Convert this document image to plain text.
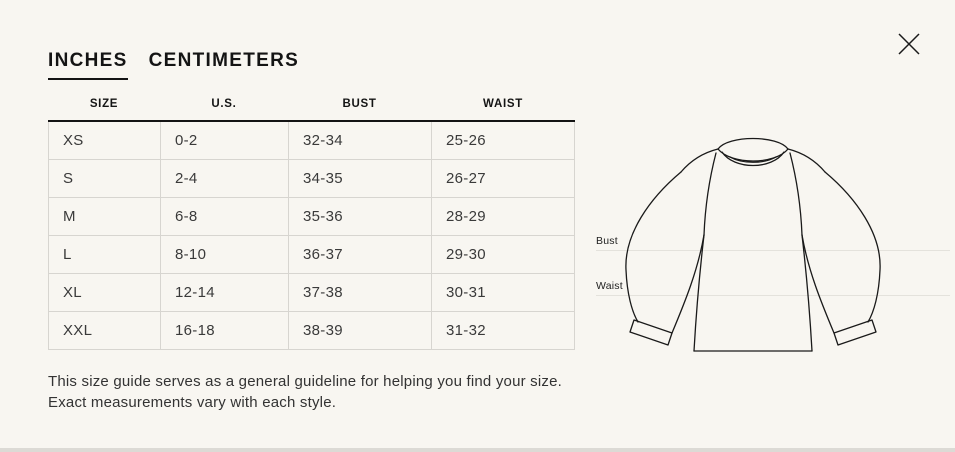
INCHES CENTIMETERS
SIZE	U.S.	BUST	WAIST
XS	0-2	32-34	25-26
S	2-4	34-35	26-27
M	6-8	35-36	28-29
L	8-10	36-37	29-30
XL	12-14	37-38	30-31
XXL	16-18	38-39	31-32
This size guide serves as a general guideline for helping you find your size. Exact measurements vary with each style.
Bust
Waist
